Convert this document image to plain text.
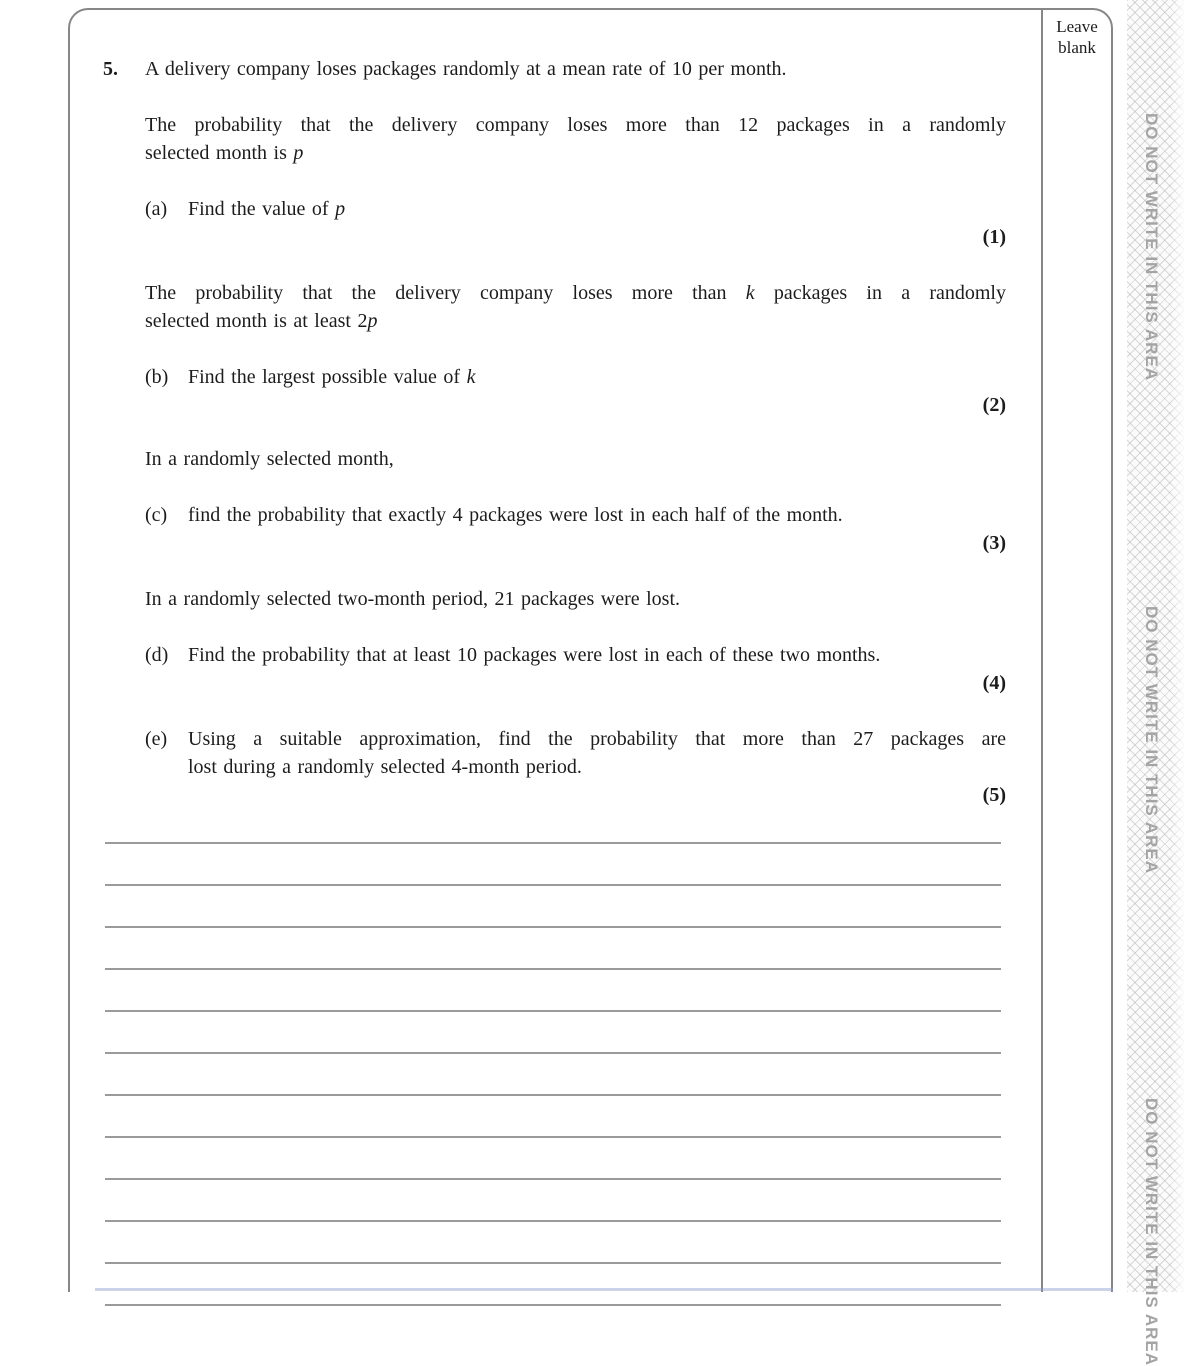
5.	A delivery company loses packages randomly at a mean rate of 10 per month.
The probability that the delivery company loses more than 12 packages in a randomly
selected month is p
(a)	Find the value of p
(1)
The probability that the delivery company loses more than k packages in a randomly
selected month is at least 2p
(b) Find the largest possible value of k
(2)
In a randomly selected month,
(c)	find the probability that exactly 4 packages were lost in each half of the month.
(3)
In a randomly selected two-month period, 21 packages were lost.
(d) Find the probability that at least 10 packages were lost in each of these two months.
(4)
(e)	Using a suitable approximation, find the probability that more than 27 packages are
lost during a randomly selected 4-month period.
(5)
Leave
blank
DO NOT WRITE IN THIS AREA
DO NOT WRITE IN THIS AREA
DO NOT WRITE IN THIS AREA
